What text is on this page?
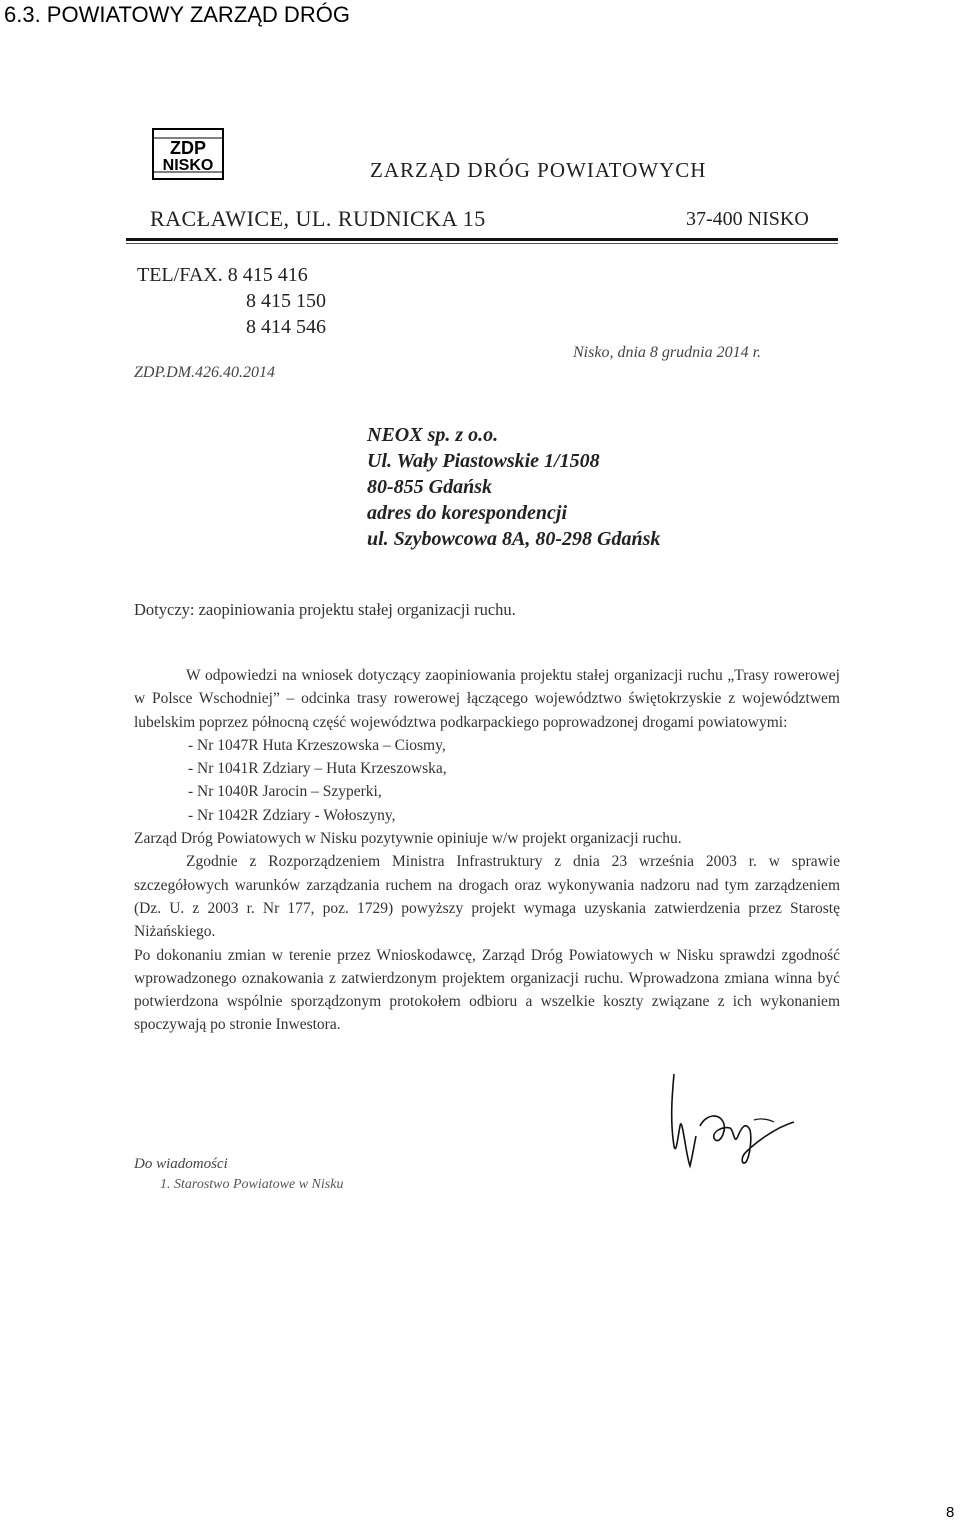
6.3. POWIATOWY ZARZĄD DRÓG
ZDP
NISKO	ZARZĄD DRÓG POWIATOWYCH
RACŁAWICE, UL. RUDNICKA 15	37-400 NISKO
TEL/FAX. 8 415 416
8 415 150
8 414 546
Nisko, dnia 8 grudnia 2014 r.
ZDP.DM.426.40.2014
NEOX sp. z o.o.
Ul. Wały Piastowskie 1/1508
80-855 Gdańsk
adres do korespondencji
ul. Szybowcowa 8A, 80-298 Gdańsk
Dotyczy: zaopiniowania projektu stałej organizacji ruchu.

W odpowiedzi na wniosek dotyczący zaopiniowania projektu stałej organizacji ruchu „Trasy rowerowej w Polsce Wschodniej” – odcinka trasy rowerowej łączącego województwo świętokrzyskie z województwem lubelskim poprzez północną część województwa podkarpackiego poprowadzonej drogami powiatowymi:

- Nr 1047R Huta Krzeszowska – Ciosmy,

- Nr 1041R Zdziary – Huta Krzeszowska,

- Nr 1040R Jarocin – Szyperki,

- Nr 1042R Zdziary - Wołoszyny,

Zarząd Dróg Powiatowych w Nisku pozytywnie opiniuje w/w projekt organizacji ruchu.

Zgodnie z Rozporządzeniem Ministra Infrastruktury z dnia 23 września 2003 r. w sprawie szczegółowych warunków zarządzania ruchem na drogach oraz wykonywania nadzoru nad tym zarządzeniem (Dz. U. z 2003 r. Nr 177, poz. 1729) powyższy projekt wymaga uzyskania zatwierdzenia przez Starostę Niżańskiego.

Po dokonaniu zmian w terenie przez Wnioskodawcę, Zarząd Dróg Powiatowych w Nisku sprawdzi zgodność wprowadzonego oznakowania z zatwierdzonym projektem organizacji ruchu. Wprowadzona zmiana winna być potwierdzona wspólnie sporządzonym protokołem odbioru a wszelkie koszty związane z ich wykonaniem spoczywają po stronie Inwestora.

Do wiadomości
1. Starostwo Powiatowe w Nisku
8
